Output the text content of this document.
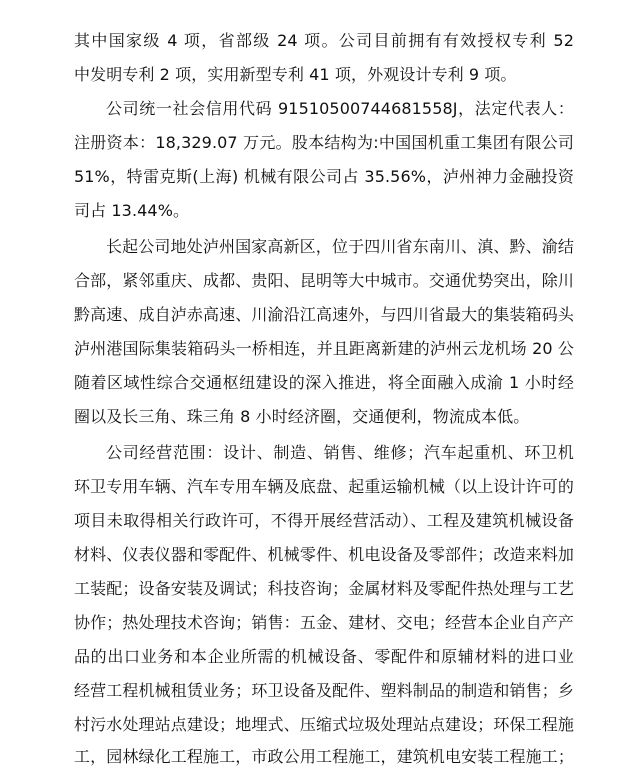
其中国家级 4 项，省部级 24 项。公司目前拥有有效授权专利 52
中发明专利 2 项，实用新型专利 41 项，外观设计专利 9 项。
公司统一社会信用代码 91510500744681558J，法定代表人：
注册资本：18,329.07 万元。股本结构为:中国国机重工集团有限公司
51%，特雷克斯(上海) 机械有限公司占 35.56%，泸州神力金融投资
司占 13.44%。
长起公司地处泸州国家高新区，位于四川省东南川、滇、黔、渝结
合部，紧邻重庆、成都、贵阳、昆明等大中城市。交通优势突出，除川
黔高速、成自泸赤高速、川渝沿江高速外，与四川省最大的集装箱码头
泸州港国际集装箱码头一桥相连，并且距离新建的泸州云龙机场 20 公
随着区域性综合交通枢纽建设的深入推进，将全面融入成渝 1 小时经
圈以及长三角、珠三角 8 小时经济圈，交通便利，物流成本低。
公司经营范围：设计、制造、销售、维修；汽车起重机、环卫机
环卫专用车辆、汽车专用车辆及底盘、起重运输机械（以上设计许可的
项目未取得相关行政许可，不得开展经营活动）、工程及建筑机械设备
材料、仪表仪器和零配件、机械零件、机电设备及零部件；改造来料加
工装配；设备安装及调试；科技咨询；金属材料及零配件热处理与工艺
协作；热处理技术咨询；销售：五金、建材、交电；经营本企业自产产
品的出口业务和本企业所需的机械设备、零配件和原辅材料的进口业
经营工程机械租赁业务；环卫设备及配件、塑料制品的制造和销售；乡
村污水处理站点建设；地埋式、压缩式垃圾处理站点建设；环保工程施
工，园林绿化工程施工，市政公用工程施工，建筑机电安装工程施工；
